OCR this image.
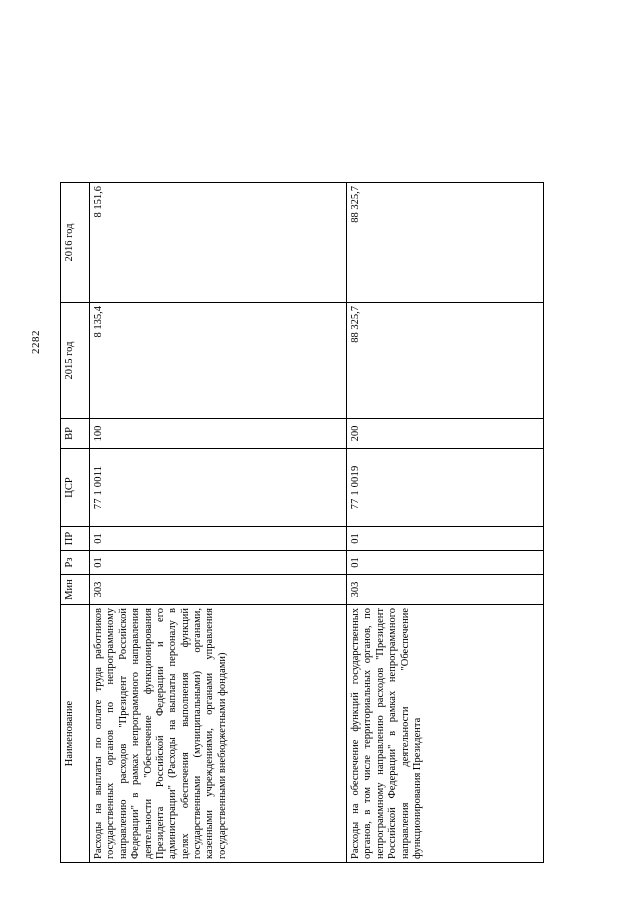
2282
Наименование	Мин	Рз	ПР	ЦСР	ВР	2015 год	2016 год
Расходы на выплаты по оплате труда работников государственных органов по непрограммному направлению расходов "Президент Российской Федерации" в рамках непрограммного направления деятельности "Обеспечение функционирования Президента Российской Федерации и его администрации" (Расходы на выплаты персоналу в целях обеспечения выполнения функций государственными (муниципальными) органами, казенными учреждениями, органами управления государственными внебюджетными фондами)	303	01	01	77 1 0011	100	8 135,4	8 151,6
Расходы на обеспечение функций государственных органов, в том числе территориальных органов, по непрограммному направлению расходов "Президент Российской Федерации" в рамках непрограммного направления деятельности "Обеспечение функционирования Президента	303	01	01	77 1 0019	200	88 325,7	88 325,7
